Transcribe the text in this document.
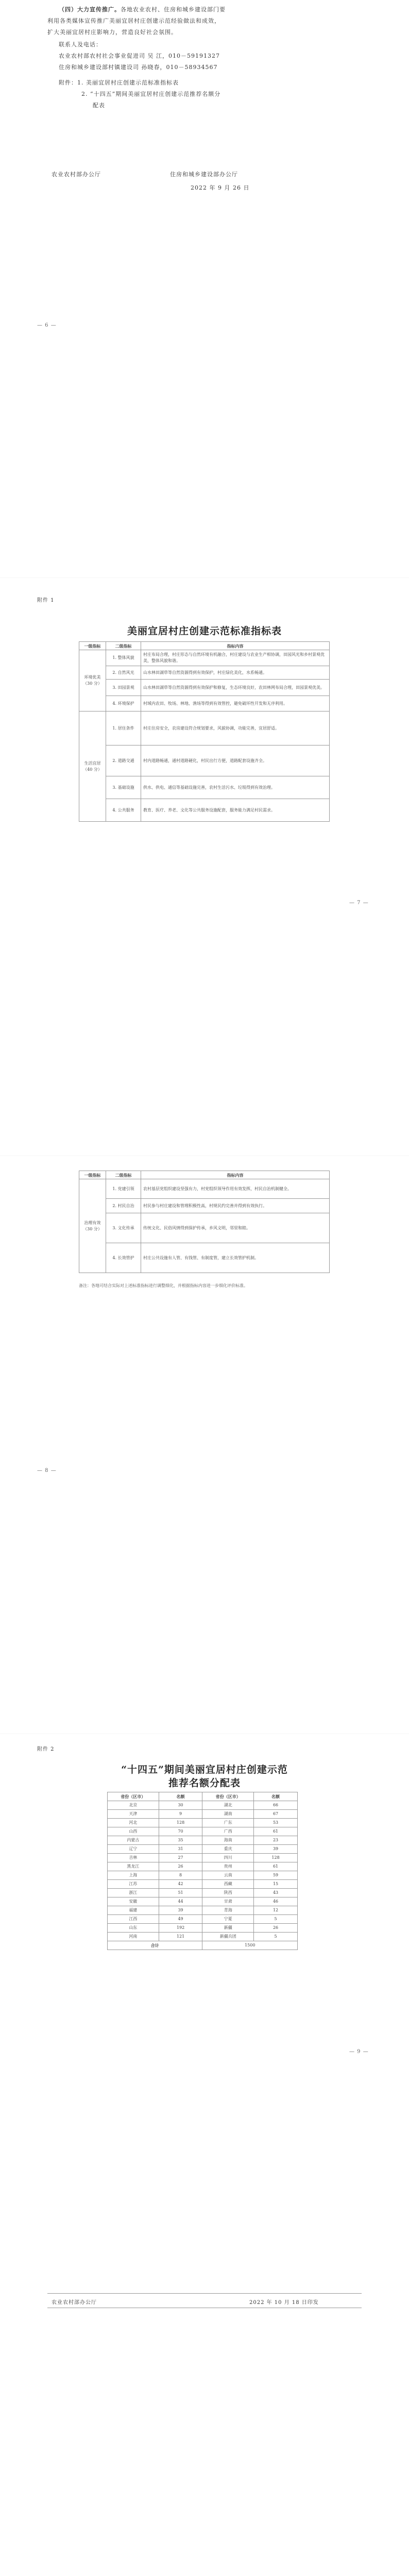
（四）大力宣传推广。各地农业农村、住房和城乡建设部门要

利用各类媒体宣传推广美丽宜居村庄创建示范经验做法和成效，

扩大美丽宜居村庄影响力，营造良好社会氛围。

联系人及电话：

农业农村部农村社会事业促进司 吴 江，010－59191327

住房和城乡建设部村镇建设司 孙晓春，010－58934567

附件：1. 美丽宜居村庄创建示范标准指标表

2. “十四五”期间美丽宜居村庄创建示范推荐名额分

配表

农业农村部办公厅	住房和城乡建设部办公厅
2022 年 9 月 26 日
— 6 —
附件 1
美丽宜居村庄创建示范标准指标表
一级指标	二级指标	指标内容
环境优美
（30 分）	1. 整体风貌	村庄布局合理，村庄形态与自然环境有机融合，村庄建设与农业生产相协调，田园风光和乡村景观优美，整体风貌和谐。
	2. 自然风光	山水林田湖草等自然资源得到有效保护，村庄绿化美化，水系畅通。
	3. 田园景观	山水林田湖草等自然资源得到有效保护和修复，生态环境良好，农田林网布局合理，田园景观优美。
	4. 环境保护	村域内农田、牧场、林地、渔场等得到有效管控，避免破坏性开发和无序利用。
生活宜居
（40 分）	1. 居住条件	村庄住房安全，农房建设符合规划要求，风貌协调，功能完善，宜居舒适。
	2. 道路交通	村内道路畅通，通村道路硬化，村民出行方便，道路配套设施齐全。
	3. 基础设施	供水、供电、通信等基础设施完善，农村生活污水、垃圾得到有效治理。
	4. 公共服务	教育、医疗、养老、文化等公共服务设施配套，服务能力满足村民需求。
— 7 —
一级指标	二级指标	指标内容
治理有效
（30 分）	1. 党建引领	农村基层党组织建设坚强有力，村党组织领导作用有效发挥，村民自治机制健全。
	2. 村民自治	村民参与村庄建设和管理积极性高，村规民约完善并得到有效执行。
	3. 文化传承	传统文化、民俗风情得到保护传承，乡风文明，邻里和睦。
	4. 长效管护	村庄公共设施有人管、有钱管、有制度管，建立长效管护机制。
备注：各地可结合实际对上述标准指标进行调整细化，并根据指标内容进一步细化评价标准。
— 8 —
附件 2
“十四五”期间美丽宜居村庄创建示范
推荐名额分配表
省份（区市）	名额	省份（区市）	名额
北京	30	湖北	66
天津	9	湖南	67
河北	128	广东	53
山西	70	广西	61
内蒙古	35	海南	23
辽宁	31	重庆	39
吉林	27	四川	128
黑龙江	26	贵州	61
上海	8	云南	59
江苏	42	西藏	15
浙江	51	陕西	43
安徽	44	甘肃	46
福建	39	青海	12
江西	49	宁夏	5
山东	192	新疆	26
河南	121	新疆兵团	5
合计		1500	
— 9 —
农业农村部办公厅	2022 年 10 月 18 日印发
